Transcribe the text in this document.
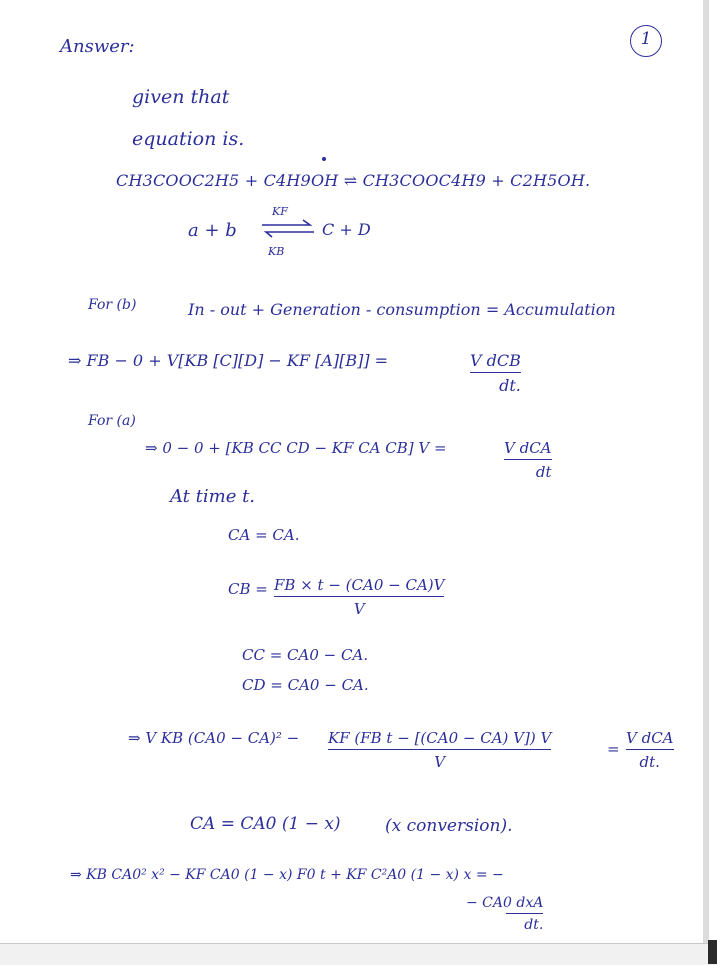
1
Answer:
given that
equation is.
CH3COOC2H5 + C4H9OH ⇌ CH3COOC4H9 + C2H5OH.
a + b
KF
⇌ C + D
KB
For (b)	In - out + Generation - consumption = Accumulation
⇒ FB − 0 + V[KB [C][D] − KF [A][B]] =	V dCB
dt.
For (a)
⇒ 0 − 0 + [KB CC CD − KF CA CB] V =	V dCA
dt
At time t.
CA = CA.
CB = FB × t − (CA0 − CA)V
V
CC = CA0 − CA.
CD = CA0 − CA.
⇒ V KB (CA0 − CA)² − KF (FB t − [(CA0 − CA) V]) V
V
=
V dCA
dt.
CA = CA0 (1 − x)	(x conversion).
⇒ KB CA0² x² − KF CA0 (1 − x) F0 t + KF C²A0 (1 − x) x = −
− CA0 dxA
dt.
